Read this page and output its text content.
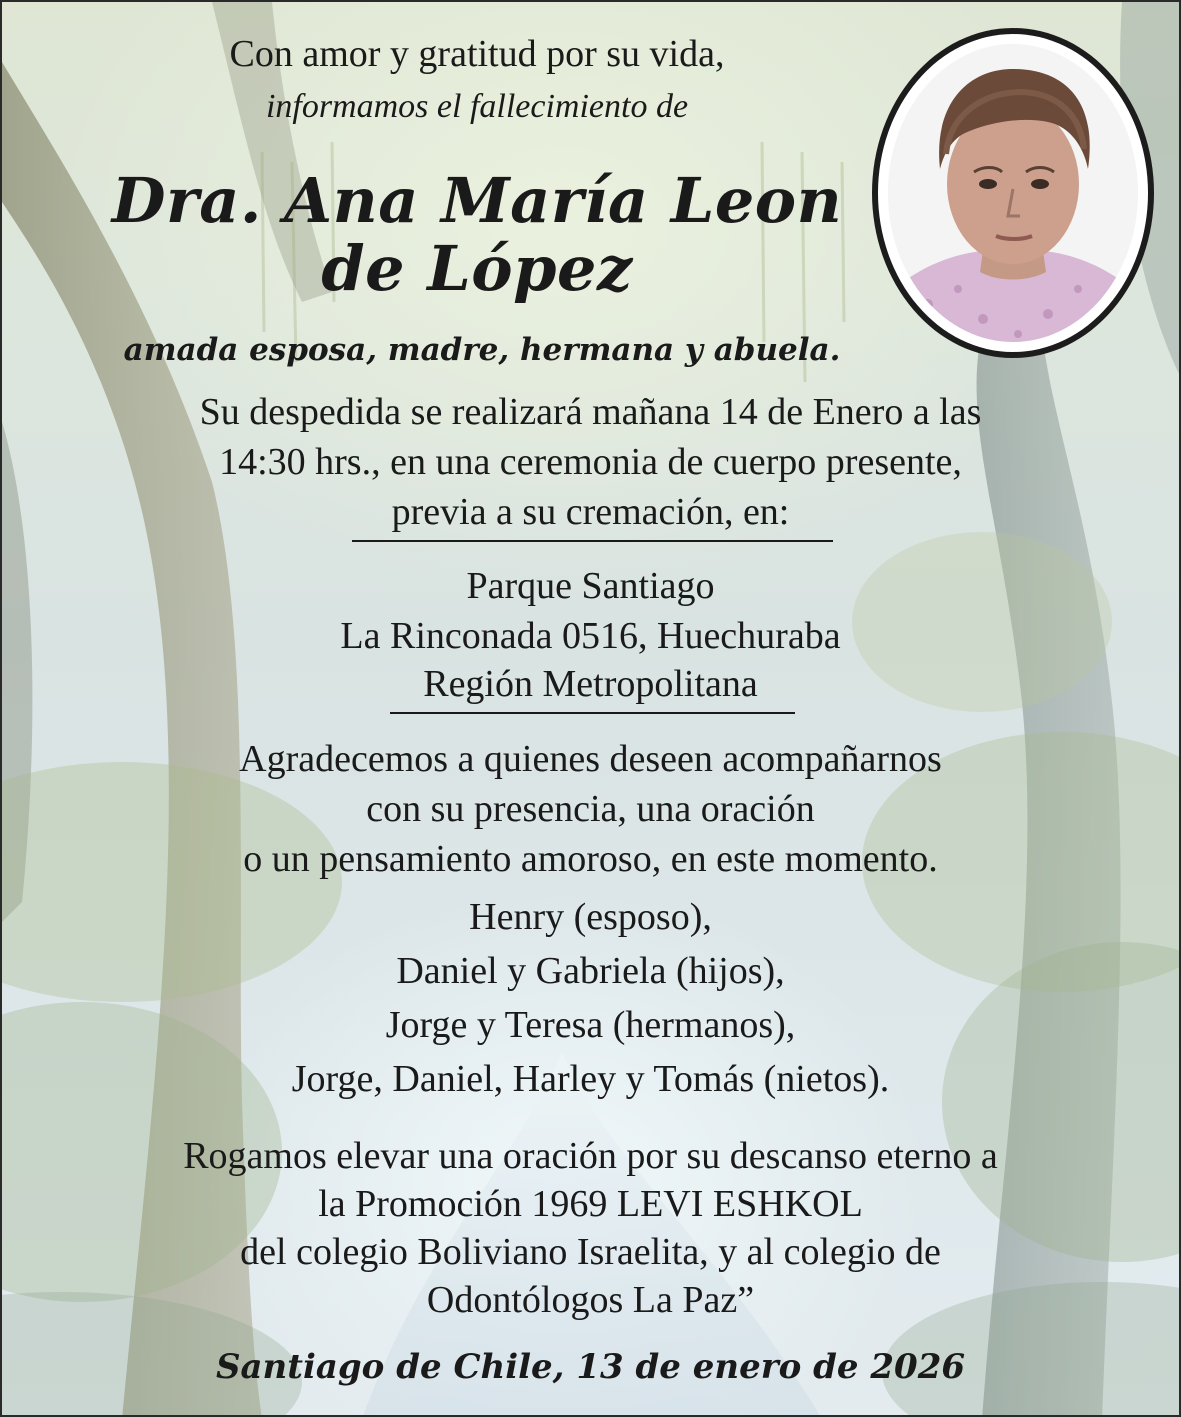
Con amor y gratitud por su vida,
informamos el fallecimiento de
Dra. Ana María Leon
de López
amada esposa, madre, hermana y abuela.
Su despedida se realizará mañana 14 de Enero a las
14:30 hrs., en una ceremonia de cuerpo presente,
previa a su cremación, en:
Parque Santiago
La Rinconada 0516, Huechuraba
Región Metropolitana
Agradecemos a quienes deseen acompañarnos
con su presencia, una oración
o un pensamiento amoroso, en este momento.
Henry (esposo),
Daniel y Gabriela (hijos),
Jorge y Teresa (hermanos),
Jorge, Daniel, Harley y Tomás (nietos).
Rogamos elevar una oración por su descanso eterno a
la Promoción 1969 LEVI ESHKOL
del colegio Boliviano Israelita, y al colegio de
Odontólogos La Paz”
Santiago de Chile, 13 de enero de 2026
